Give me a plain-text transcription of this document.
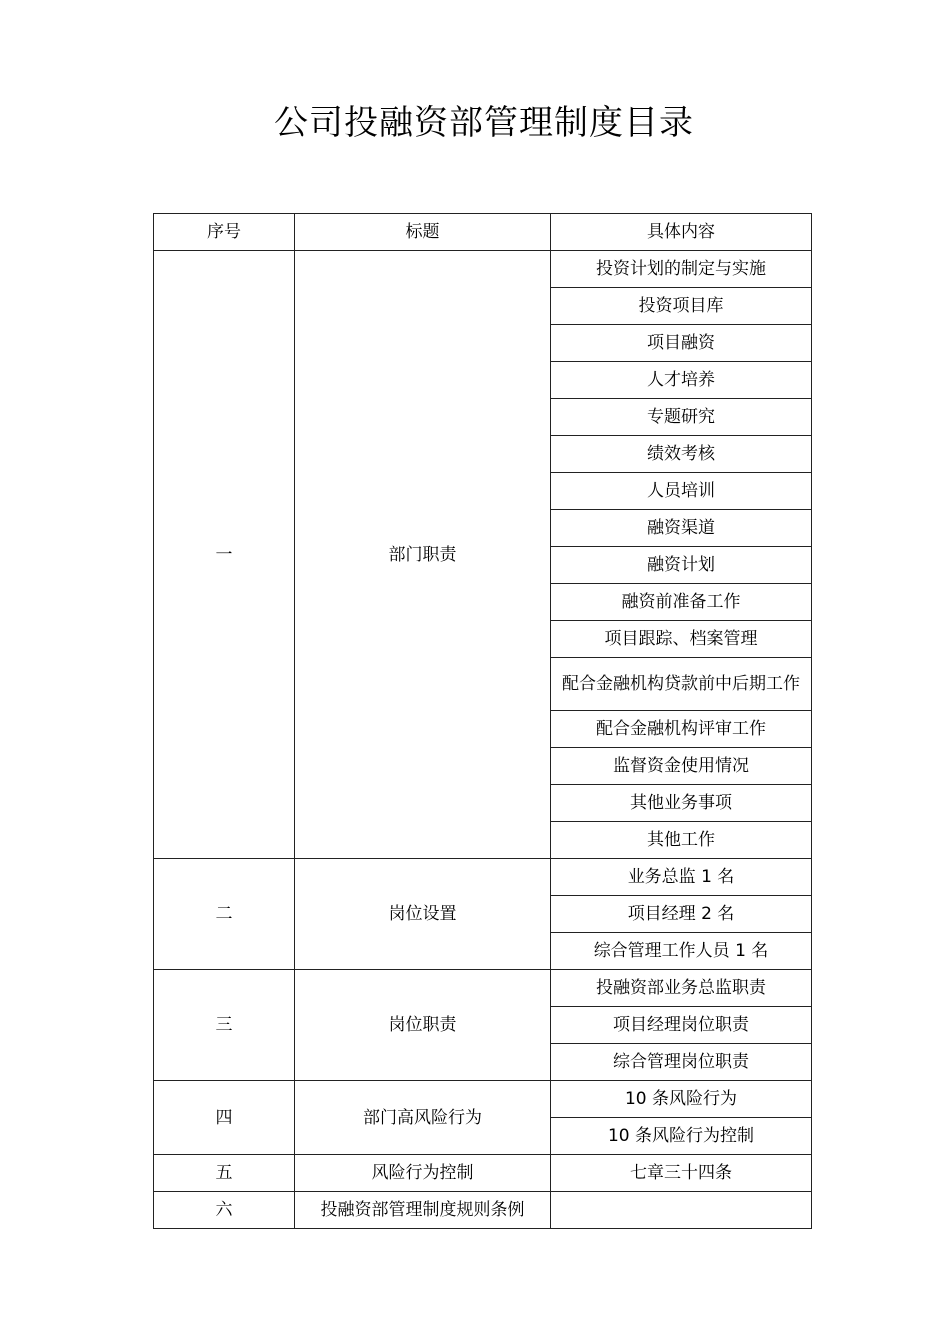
公司投融资部管理制度目录
序号	标题	具体内容
一	部门职责	投资计划的制定与实施
		投资项目库
		项目融资
		人才培养
		专题研究
		绩效考核
		人员培训
		融资渠道
		融资计划
		融资前准备工作
		项目跟踪、档案管理
		配合金融机构贷款前中后期工作
		配合金融机构评审工作
		监督资金使用情况
		其他业务事项
		其他工作
二	岗位设置	业务总监 1 名
		项目经理 2 名
		综合管理工作人员 1 名
三	岗位职责	投融资部业务总监职责
		项目经理岗位职责
		综合管理岗位职责
四	部门高风险行为	10 条风险行为
		10 条风险行为控制
五	风险行为控制	七章三十四条
六	投融资部管理制度规则条例	
